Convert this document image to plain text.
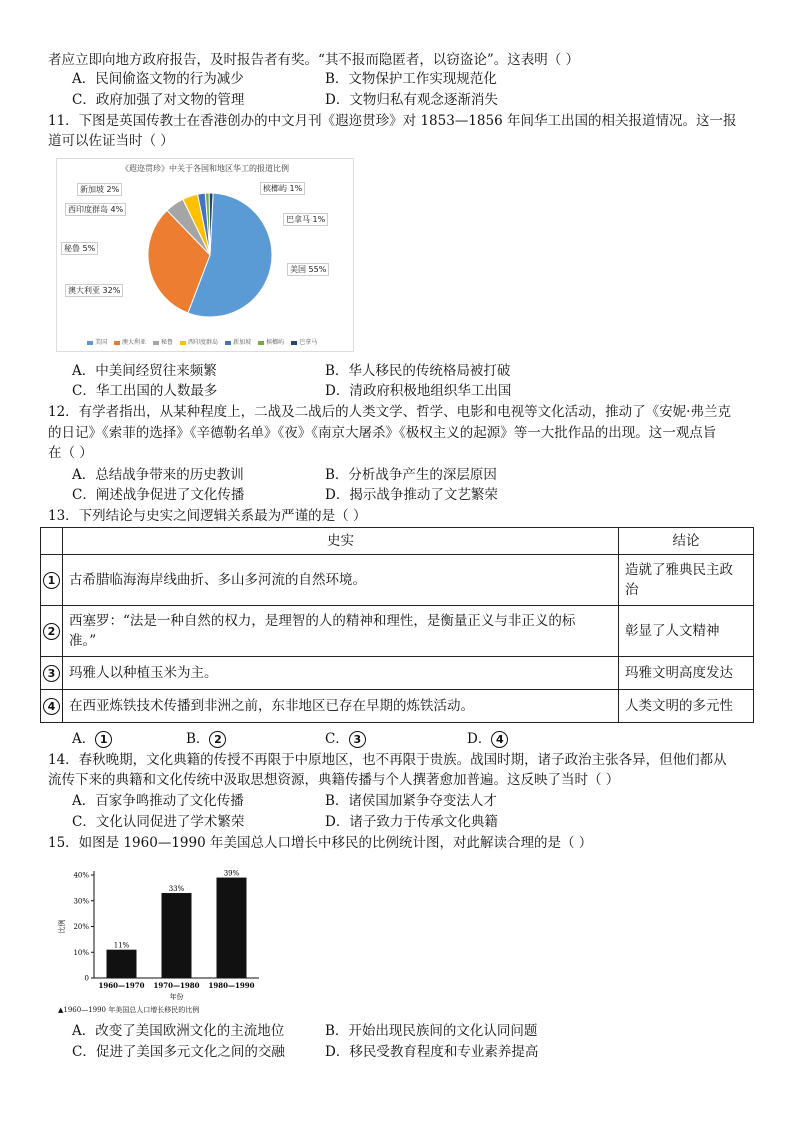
者应立即向地方政府报告，及时报告者有奖。“其不报而隐匿者，以窃盗论”。这表明（ ）
A．民间偷盗文物的行为减少	B．文物保护工作实现规范化
C．政府加强了对文物的管理	D．文物归私有观念逐渐消失
11．下图是英国传教士在香港创办的中文月刊《遐迩贯珍》对 1853—1856 年间华工出国的相关报道情况。这一报
道可以佐证当时（ ）
《遐迩贯珍》中关于各国和地区华工的报道比例
新加坡 2%
西印度群岛 4%
秘鲁 5%
澳大利亚 32%
美国 55%
槟榔屿 1%
巴拿马 1%
美国	澳大利亚	秘鲁	西印度群岛	新加坡	槟榔屿	巴拿马
A．中美间经贸往来频繁	B．华人移民的传统格局被打破
C．华工出国的人数最多	D．清政府积极地组织华工出国
12．有学者指出，从某种程度上，二战及二战后的人类文学、哲学、电影和电视等文化活动，推动了《安妮·弗兰克
的日记》《索菲的选择》《辛德勒名单》《夜》《南京大屠杀》《极权主义的起源》等一大批作品的出现。这一观点旨
在（ ）
A．总结战争带来的历史教训	B．分析战争产生的深层原因
C．阐述战争促进了文化传播	D．揭示战争推动了文艺繁荣
13．下列结论与史实之间逻辑关系最为严谨的是（ ）
	史实	结论
1	古希腊临海海岸线曲折、多山多河流的自然环境。	造就了雅典民主政
治

2	西塞罗：“法是一种自然的权力，是理智的人的精神和理性，是衡量正义与非正义的标
准。”	彰显了人文精神
3	玛雅人以种植玉米为主。	玛雅文明高度发达
4	在西亚炼铁技术传播到非洲之前，东非地区已存在早期的炼铁活动。	人类文明的多元性
A． 1	B． 2	C． 3	D． 4
14．春秋晚期，文化典籍的传授不再限于中原地区，也不再限于贵族。战国时期，诸子政治主张各异，但他们都从
流传下来的典籍和文化传统中汲取思想资源，典籍传播与个人撰著愈加普遍。这反映了当时（ ）
A．百家争鸣推动了文化传播	B．诸侯国加紧争夺变法人才
C．文化认同促进了学术繁荣	D．诸子致力于传承文化典籍
15．如图是 1960—1990 年美国总人口增长中移民的比例统计图，对此解读合理的是（ ）
0
10%
20%
30%
40%
比例
11%
1960—1970
33%
1970—1980
39%
1980—1990
年份
▲1960—1990 年美国总人口增长移民的比例
A．改变了美国欧洲文化的主流地位	B．开始出现民族间的文化认同问题
C．促进了美国多元文化之间的交融	D．移民受教育程度和专业素养提高
